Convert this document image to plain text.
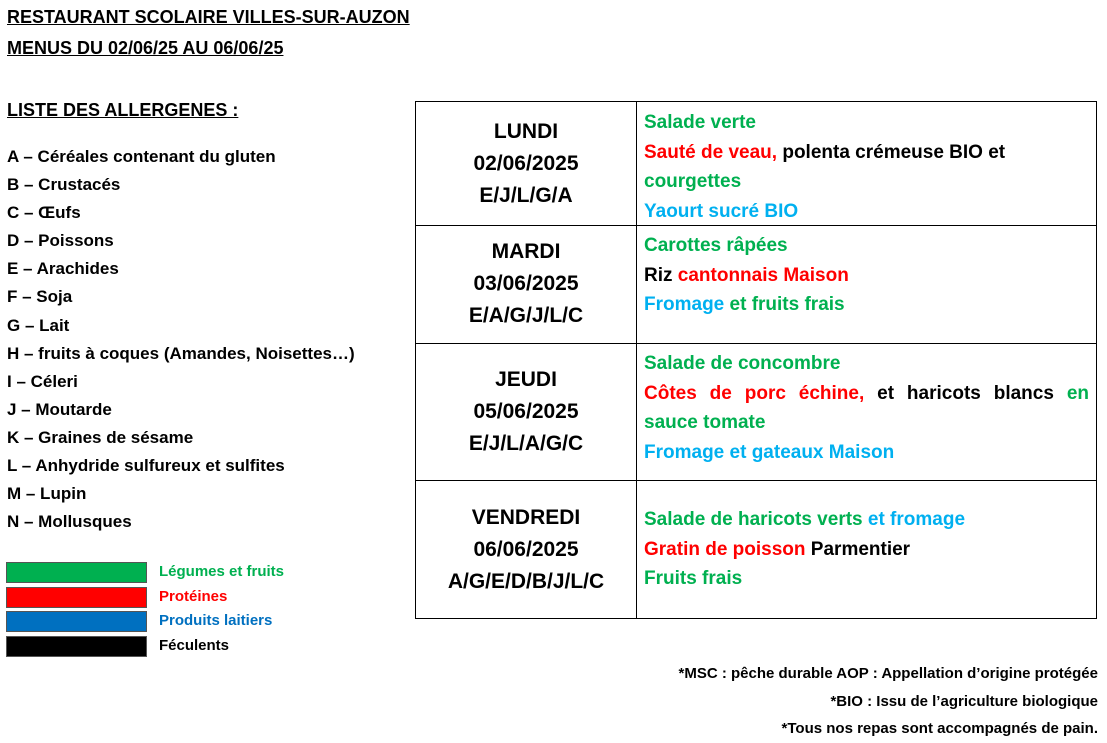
RESTAURANT SCOLAIRE VILLES-SUR-AUZON
MENUS DU 02/06/25 AU 06/06/25
LISTE DES ALLERGENES :
A – Céréales contenant du gluten
B – Crustacés
C – Œufs
D – Poissons
E – Arachides
F – Soja
G – Lait
H – fruits à coques (Amandes, Noisettes…)
I – Céleri
J – Moutarde
K – Graines de sésame
L – Anhydride sulfureux et sulfites
M – Lupin
N – Mollusques
Légumes et fruits
Protéines
Produits laitiers
Féculents
LUNDI
02/06/2025
E/J/L/G/A
Salade verte
Sauté de veau, polenta crémeuse BIO et courgettes
Yaourt sucré BIO
MARDI
03/06/2025
E/A/G/J/L/C
Carottes râpées
Riz cantonnais Maison
Fromage et fruits frais
JEUDI
05/06/2025
E/J/L/A/G/C
Salade de concombre
Côtes de porc échine, et haricots blancs en sauce tomate
Fromage et gateaux Maison
VENDREDI
06/06/2025
A/G/E/D/B/J/L/C
Salade de haricots verts et fromage
Gratin de poisson Parmentier
Fruits frais
*MSC : pêche durable AOP : Appellation d’origine protégée
*BIO : Issu de l’agriculture biologique
*Tous nos repas sont accompagnés de pain.
